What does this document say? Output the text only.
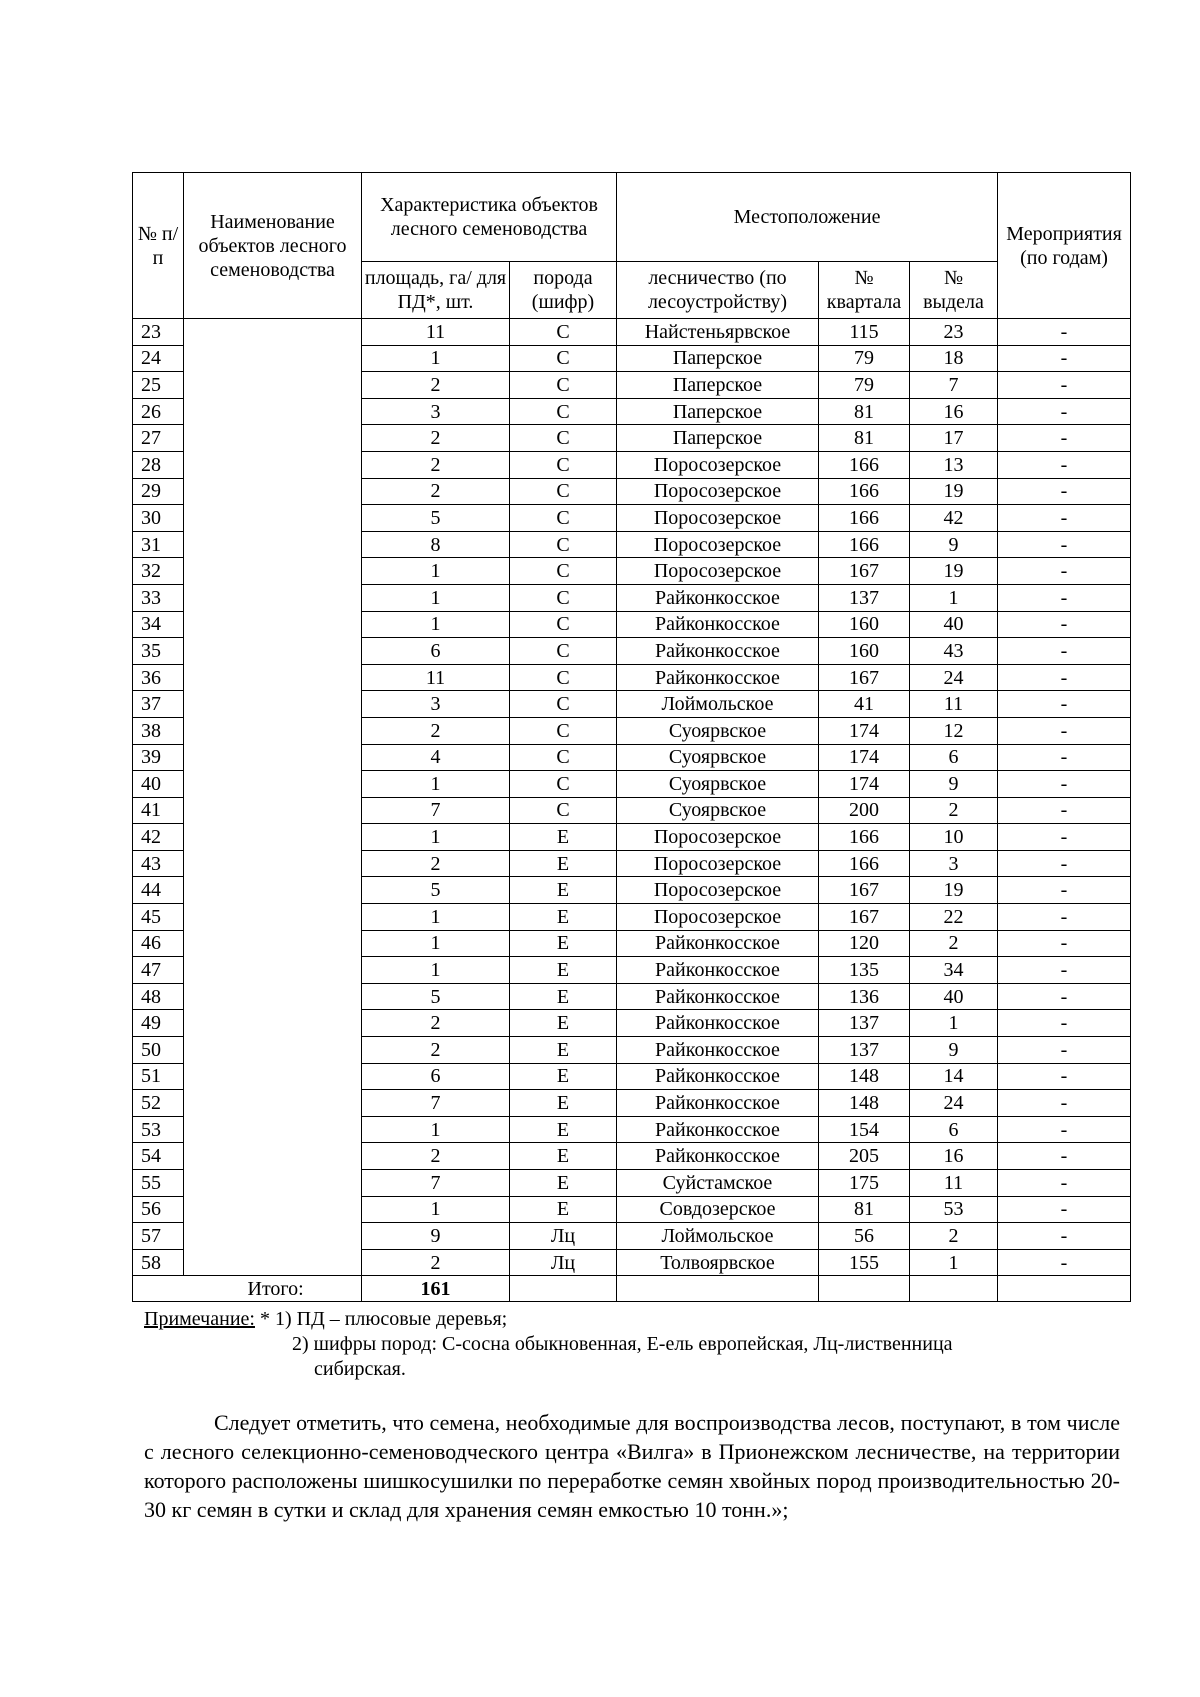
№ п/п	Наименование объектов лесного семеноводства	Характеристика объектов лесного семеноводства		Местоположение			Мероприятия (по годам)
		площадь, га/ для ПД*, шт.	порода (шифр)	лесничество (по лесоустройству)	№ квартала	№ выдела	
23		11	С	Найстеньярвское	115	23	-
24		1	С	Паперское	79	18	-
25		2	С	Паперское	79	7	-
26		3	С	Паперское	81	16	-
27		2	С	Паперское	81	17	-
28		2	С	Поросозерское	166	13	-
29		2	С	Поросозерское	166	19	-
30		5	С	Поросозерское	166	42	-
31		8	С	Поросозерское	166	9	-
32		1	С	Поросозерское	167	19	-
33		1	С	Райконкосское	137	1	-
34		1	С	Райконкосское	160	40	-
35		6	С	Райконкосское	160	43	-
36		11	С	Райконкосское	167	24	-
37		3	С	Лоймольское	41	11	-
38		2	С	Суоярвское	174	12	-
39		4	С	Суоярвское	174	6	-
40		1	С	Суоярвское	174	9	-
41		7	С	Суоярвское	200	2	-
42		1	Е	Поросозерское	166	10	-
43		2	Е	Поросозерское	166	3	-
44		5	Е	Поросозерское	167	19	-
45		1	Е	Поросозерское	167	22	-
46		1	Е	Райконкосское	120	2	-
47		1	Е	Райконкосское	135	34	-
48		5	Е	Райконкосское	136	40	-
49		2	Е	Райконкосское	137	1	-
50		2	Е	Райконкосское	137	9	-
51		6	Е	Райконкосское	148	14	-
52		7	Е	Райконкосское	148	24	-
53		1	Е	Райконкосское	154	6	-
54		2	Е	Райконкосское	205	16	-
55		7	Е	Суйстамское	175	11	-
56		1	Е	Совдозерское	81	53	-
57		9	Лц	Лоймольское	56	2	-
58		2	Лц	Толвоярвское	155	1	-
	Итого:	161					
Примечание: * 1) ПД – плюсовые деревья;
2) шифры пород: С-сосна обыкновенная, Е-ель европейская, Лц-лиственница
сибирская.

Следует отметить, что семена, необходимые для воспроизводства лесов, поступают, в том числе с лесного селекционно-семеноводческого центра «Вилга» в Прионежском лесничестве, на территории которого расположены шишкосушилки по переработке семян хвойных пород производительностью 20-30 кг семян в сутки и склад для хранения семян емкостью 10 тонн.»;
